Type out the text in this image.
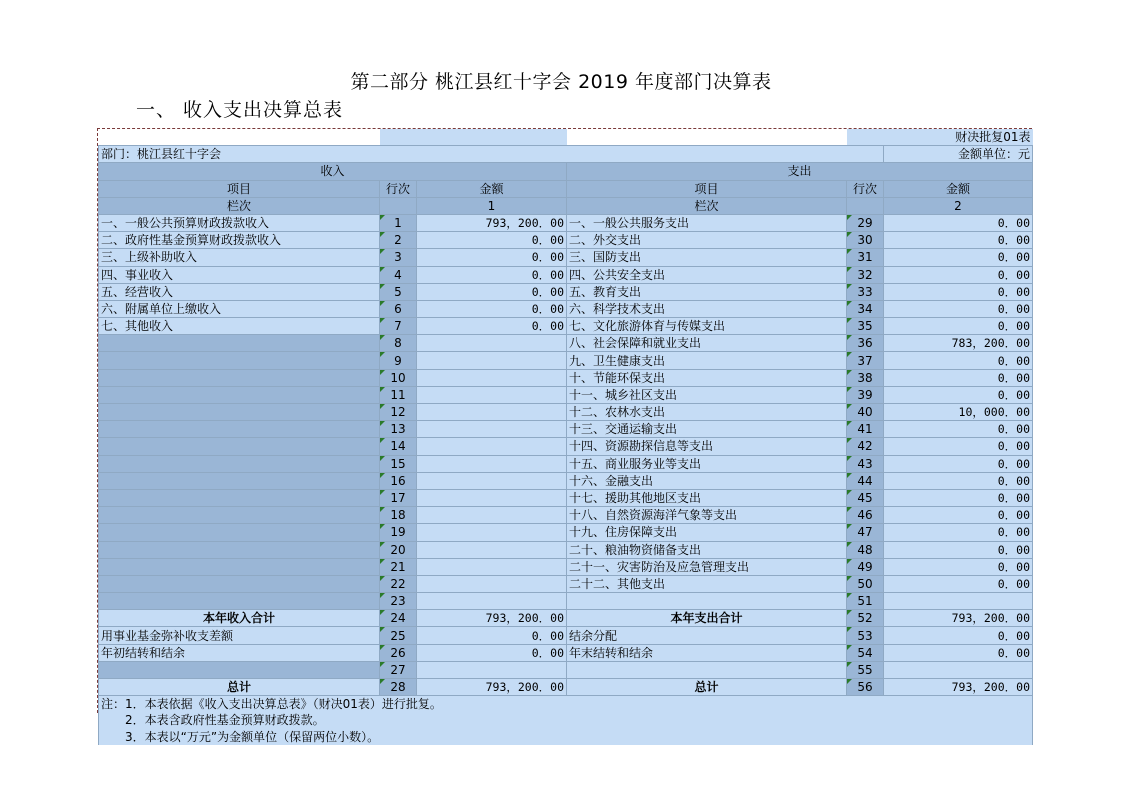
第二部分 桃江县红十字会 2019 年度部门决算表
一、 收入支出决算总表
					财决批复01表
部门：桃江县红十字会					金额单位：元
收入			支出		
项目	行次	金额	项目	行次	金额
栏次		1	栏次		2
一、一般公共预算财政拨款收入	1	793，200．00	一、一般公共服务支出	29	0．00
二、政府性基金预算财政拨款收入	2	0．00	二、外交支出	30	0．00
三、上级补助收入	3	0．00	三、国防支出	31	0．00
四、事业收入	4	0．00	四、公共安全支出	32	0．00
五、经营收入	5	0．00	五、教育支出	33	0．00
六、附属单位上缴收入	6	0．00	六、科学技术支出	34	0．00
七、其他收入	7	0．00	七、文化旅游体育与传媒支出	35	0．00
	8		八、社会保障和就业支出	36	783，200．00
	9		九、卫生健康支出	37	0．00
	10		十、节能环保支出	38	0．00
	11		十一、城乡社区支出	39	0．00
	12		十二、农林水支出	40	10，000．00
	13		十三、交通运输支出	41	0．00
	14		十四、资源勘探信息等支出	42	0．00
	15		十五、商业服务业等支出	43	0．00
	16		十六、金融支出	44	0．00
	17		十七、援助其他地区支出	45	0．00
	18		十八、自然资源海洋气象等支出	46	0．00
	19		十九、住房保障支出	47	0．00
	20		二十、粮油物资储备支出	48	0．00
	21		二十一、灾害防治及应急管理支出	49	0．00
	22		二十二、其他支出	50	0．00
	23			51	
本年收入合计	24	793，200．00	本年支出合计	52	793，200．00
用事业基金弥补收支差额	25	0．00	结余分配	53	0．00
年初结转和结余	26	0．00	年末结转和结余	54	0．00
	27			55	
总计	28	793，200．00	总计	56	793，200．00
注：1．本表依据《收入支出决算总表》（财决01表）进行批复。					
　　2．本表含政府性基金预算财政拨款。					
　　3．本表以“万元”为金额单位（保留两位小数）。					
